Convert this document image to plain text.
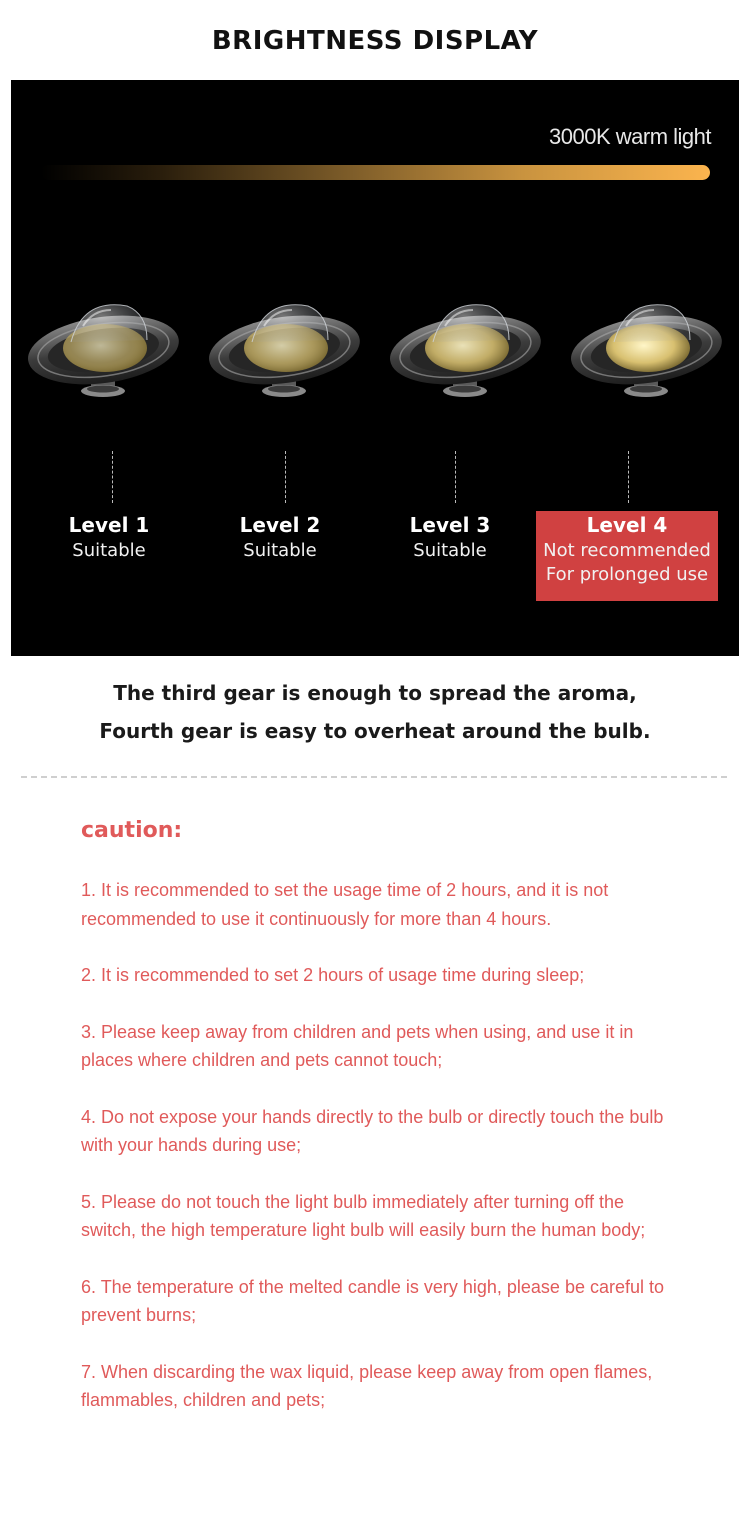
BRIGHTNESS DISPLAY
3000K warm light
Level 1
Suitable
Level 2
Suitable
Level 3
Suitable
Level 4
Not recommended
For prolonged use
The third gear is enough to spread the aroma,
Fourth gear is easy to overheat around the bulb.
caution:
1. It is recommended to set the usage time of 2 hours, and it is not recommended to use it continuously for more than 4 hours.
2. It is recommended to set 2 hours of usage time during sleep;
3. Please keep away from children and pets when using, and use it in places where children and pets cannot touch;
4. Do not expose your hands directly to the bulb or directly touch the bulb with your hands during use;
5. Please do not touch the light bulb immediately after turning off the switch, the high temperature light bulb will easily burn the human body;
6. The temperature of the melted candle is very high, please be careful to prevent burns;
7. When discarding the wax liquid, please keep away from open flames, flammables, children and pets;
